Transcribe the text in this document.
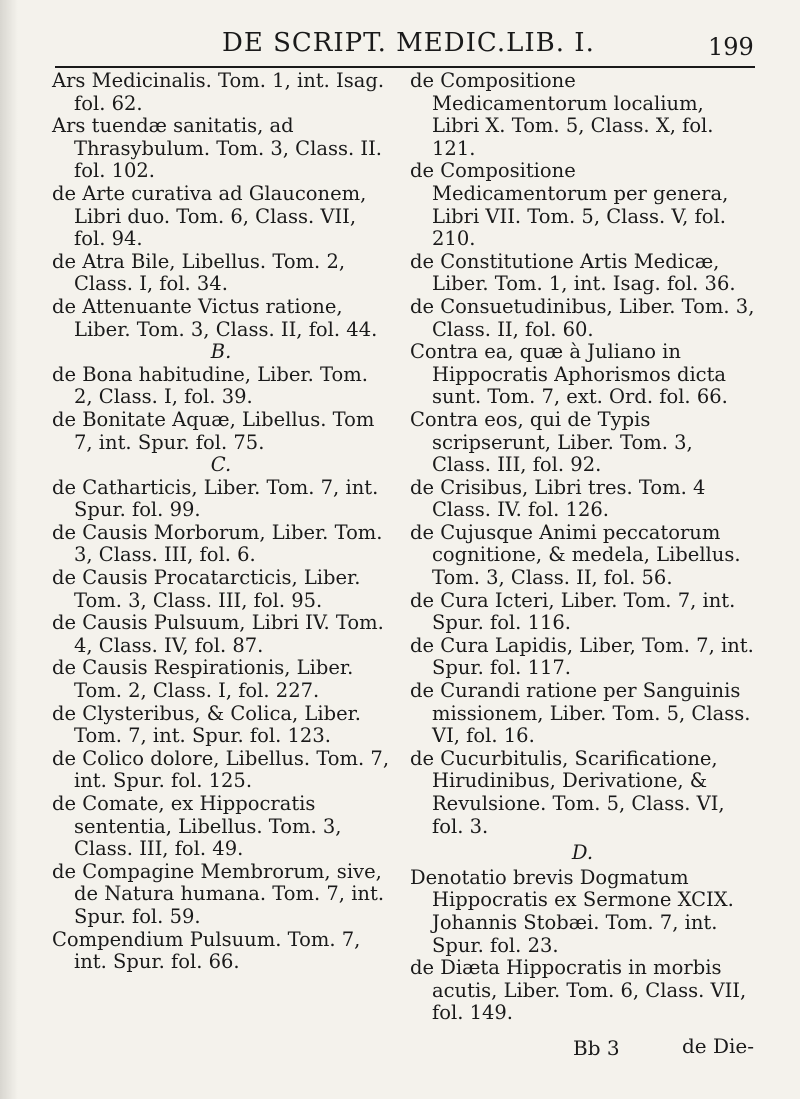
DE SCRIPT. MEDIC.LIB. I.	199

Ars Medicinalis. Tom. 1, int. Isag. fol. 62.

Ars tuendæ sanitatis, ad Thrasybulum. Tom. 3, Class. II. fol. 102.

de Arte curativa ad Glauconem, Libri duo. Tom. 6, Class. VII, fol. 94.

de Atra Bile, Libellus. Tom. 2, Class. I, fol. 34.

de Attenuante Victus ratione, Liber. Tom. 3, Class. II, fol. 44.

B.

de Bona habitudine, Liber. Tom. 2, Class. I, fol. 39.

de Bonitate Aquæ, Libellus. Tom 7, int. Spur. fol. 75.

C.

de Catharticis, Liber. Tom. 7, int. Spur. fol. 99.

de Causis Morborum, Liber. Tom. 3, Class. III, fol. 6.

de Causis Procatarcticis, Liber. Tom. 3, Class. III, fol. 95.

de Causis Pulsuum, Libri IV. Tom. 4, Class. IV, fol. 87.

de Causis Respirationis, Liber. Tom. 2, Class. I, fol. 227.

de Clysteribus, & Colica, Liber. Tom. 7, int. Spur. fol. 123.

de Colico dolore, Libellus. Tom. 7, int. Spur. fol. 125.

de Comate, ex Hippocratis sententia, Libellus. Tom. 3, Class. III, fol. 49.

de Compagine Membrorum, sive, de Natura humana. Tom. 7, int. Spur. fol. 59.

Compendium Pulsuum. Tom. 7, int. Spur. fol. 66.

de Compositione Medicamentorum localium, Libri X. Tom. 5, Class. X, fol. 121.

de Compositione Medicamentorum per genera, Libri VII. Tom. 5, Class. V, fol. 210.

de Constitutione Artis Medicæ, Liber. Tom. 1, int. Isag. fol. 36.

de Consuetudinibus, Liber. Tom. 3, Class. II, fol. 60.

Contra ea, quæ à Juliano in Hippocratis Aphorismos dicta sunt. Tom. 7, ext. Ord. fol. 66.

Contra eos, qui de Typis scripserunt, Liber. Tom. 3, Class. III, fol. 92.

de Crisibus, Libri tres. Tom. 4 Class. IV. fol. 126.

de Cujusque Animi peccatorum cognitione, & medela, Libellus. Tom. 3, Class. II, fol. 56.

de Cura Icteri, Liber. Tom. 7, int. Spur. fol. 116.

de Cura Lapidis, Liber, Tom. 7, int. Spur. fol. 117.

de Curandi ratione per Sanguinis missionem, Liber. Tom. 5, Class. VI, fol. 16.

de Cucurbitulis, Scarificatione, Hirudinibus, Derivatione, & Revulsione. Tom. 5, Class. VI, fol. 3.

D.

Denotatio brevis Dogmatum Hippocratis ex Sermone XCIX. Johannis Stobæi. Tom. 7, int. Spur. fol. 23.

de Diæta Hippocratis in morbis acutis, Liber. Tom. 6, Class. VII, fol. 149.

Bb 3	de Die-
